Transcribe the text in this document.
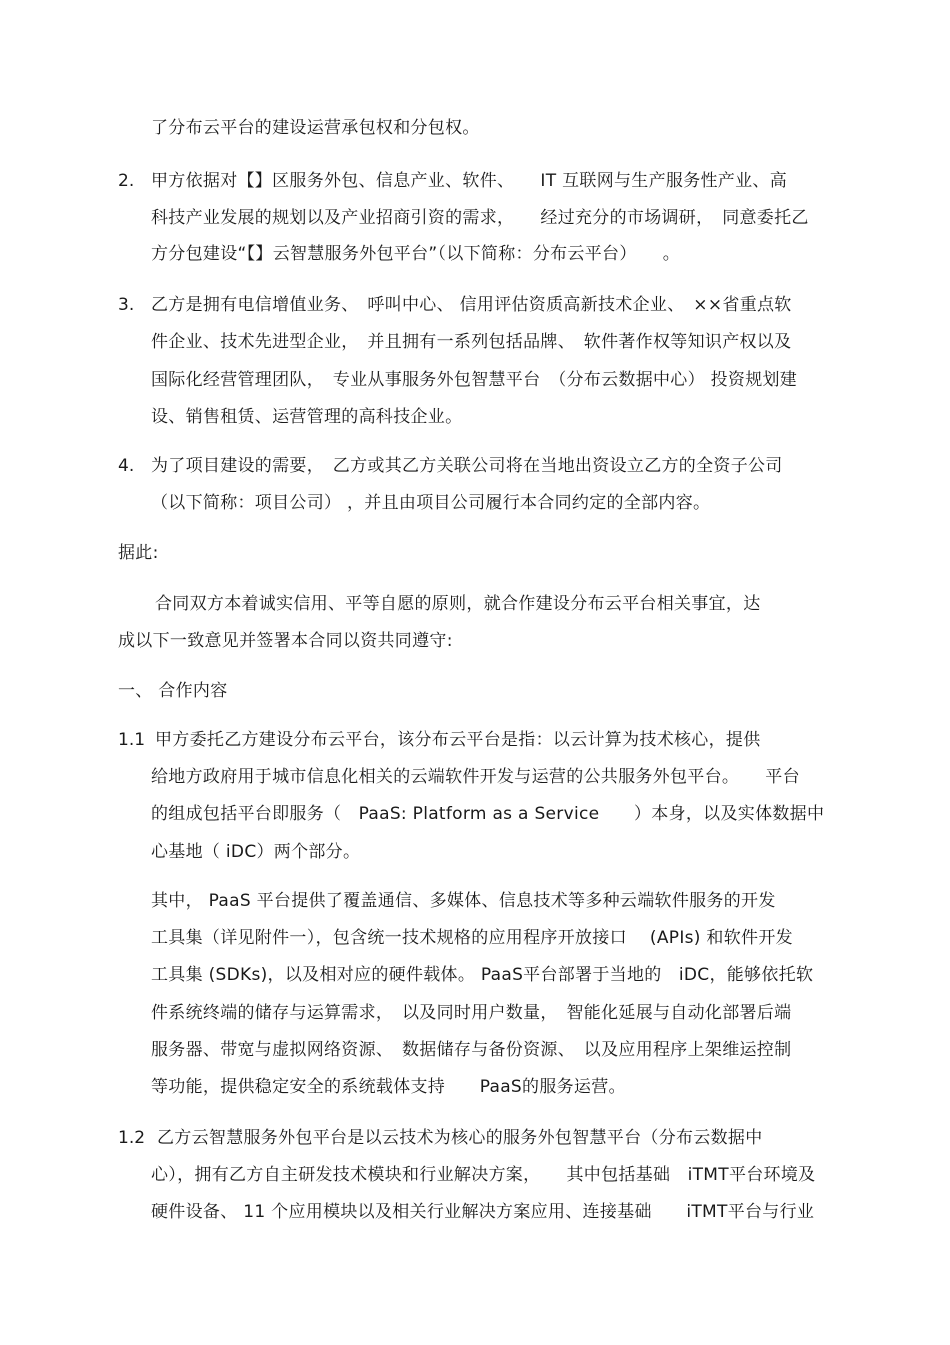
了分布云平台的建设运营承包权和分包权。
2. 甲方依据对【】区服务外包、信息产业、软件、　　IT 互联网与生产服务性产业、高
科技产业发展的规划以及产业招商引资的需求，　　经过充分的市场调研，　同意委托乙
方分包建设“【】云智慧服务外包平台”（以下简称：分布云平台）　　。
3. 乙方是拥有电信增值业务、　呼叫中心、 信用评估资质高新技术企业、　××省重点软
件企业、技术先进型企业，　并且拥有一系列包括品牌、　软件著作权等知识产权以及
国际化经营管理团队，　专业从事服务外包智慧平台　（分布云数据中心） 投资规划建
设、销售租赁、运营管理的高科技企业。
4. 为了项目建设的需要，　乙方或其乙方关联公司将在当地出资设立乙方的全资子公司
（以下简称：项目公司） ，并且由项目公司履行本合同约定的全部内容。
据此:
合同双方本着诚实信用、平等自愿的原则，就合作建设分布云平台相关事宜，达
成以下一致意见并签署本合同以资共同遵守:
一、 合作内容
1.1 甲方委托乙方建设分布云平台，该分布云平台是指：以云计算为技术核心，提供
给地方政府用于城市信息化相关的云端软件开发与运营的公共服务外包平台。　　平台
的组成包括平台即服务（　PaaS: Platform as a Service　　）本身，以及实体数据中
心基地（ iDC）两个部分。
其中， PaaS 平台提供了覆盖通信、多媒体、信息技术等多种云端软件服务的开发
工具集（详见附件一），包含统一技术规格的应用程序开放接口　 (APIs) 和软件开发
工具集 (SDKs)，以及相对应的硬件载体。 PaaS平台部署于当地的　iDC，能够依托软
件系统终端的储存与运算需求，　以及同时用户数量，　智能化延展与自动化部署后端
服务器、带宽与虚拟网络资源、　数据储存与备份资源、　以及应用程序上架维运控制
等功能，提供稳定安全的系统载体支持　　PaaS的服务运营。
1.2 乙方云智慧服务外包平台是以云技术为核心的服务外包智慧平台（分布云数据中
心），拥有乙方自主研发技术模块和行业解决方案，　　其中包括基础　iTMT平台环境及
硬件设备、 11 个应用模块以及相关行业解决方案应用、连接基础　　iTMT平台与行业
